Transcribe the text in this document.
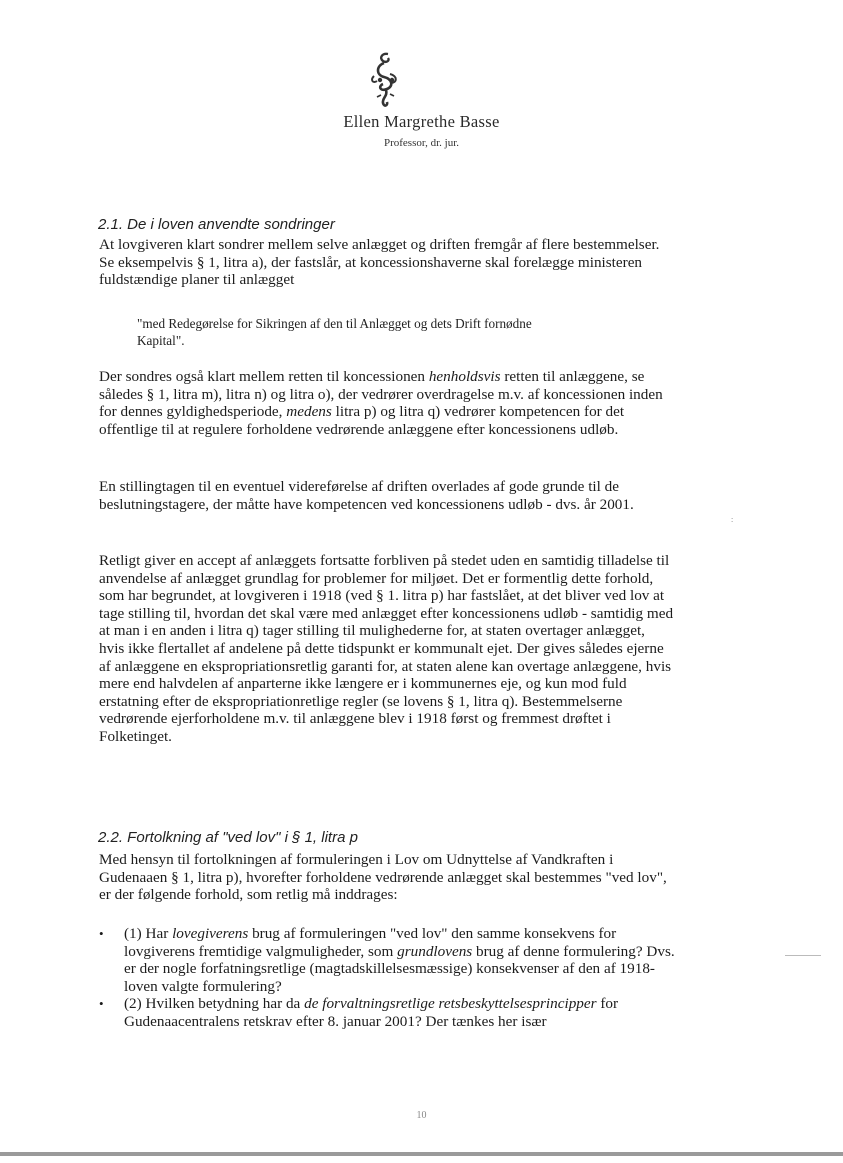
Ellen Margrethe Basse
Professor, dr. jur.
2.1. De i loven anvendte sondringer

At lovgiveren klart sondrer mellem selve anlægget og driften fremgår af flere bestemmelser. Se eksempelvis § 1, litra a), der fastslår, at koncessionshaverne skal forelægge ministeren fuldstændige planer til anlægget

"med Redegørelse for Sikringen af den til Anlægget og dets Drift fornødne Kapital".

Der sondres også klart mellem retten til koncessionen henholdsvis retten til anlæggene, se således § 1, litra m), litra n) og litra o), der vedrører overdragelse m.v. af koncessionen inden for dennes gyldighedsperiode, medens litra p) og litra q) vedrører kompetencen for det offentlige til at regulere forholdene vedrørende anlæggene efter koncessionens udløb.

En stillingtagen til en eventuel videreførelse af driften overlades af gode grunde til de beslutningstagere, der måtte have kompetencen ved koncessionens udløb - dvs. år 2001.

Retligt giver en accept af anlæggets fortsatte forbliven på stedet uden en samtidig tilladelse til anvendelse af anlægget grundlag for problemer for miljøet. Det er formentlig dette forhold, som har begrundet, at lovgiveren i 1918 (ved § 1. litra p) har fastslået, at det bliver ved lov at tage stilling til, hvordan det skal være med anlægget efter koncessionens udløb - samtidig med at man i en anden i litra q) tager stilling til mulighederne for, at staten overtager anlægget, hvis ikke flertallet af andelene på dette tidspunkt er kommunalt ejet. Der gives således ejerne af anlæggene en ekspropriationsretlig garanti for, at staten alene kan overtage anlæggene, hvis mere end halvdelen af anparterne ikke længere er i kommunernes eje, og kun mod fuld erstatning efter de ekspropriationretlige regler (se lovens § 1, litra q). Bestemmelserne vedrørende ejerforholdene m.v. til anlæggene blev i 1918 først og fremmest drøftet i Folketinget.

2.2. Fortolkning af "ved lov" i § 1, litra p

Med hensyn til fortolkningen af formuleringen i Lov om Udnyttelse af Vandkraften i Gudenaaen § 1, litra p), hvorefter forholdene vedrørende anlægget skal bestemmes "ved lov", er der følgende forhold, som retlig må inddrages:

• (1) Har lovegiverens brug af formuleringen "ved lov" den samme konsekvens for lovgiverens fremtidige valgmuligheder, som grundlovens brug af denne formulering? Dvs. er der nogle forfatningsretlige (magtadskillelsesmæssige) konsekvenser af den af 1918-loven valgte formulering?
• (2) Hvilken betydning har da de forvaltningsretlige retsbeskyttelsesprincipper for Gudenaacentralens retskrav efter 8. januar 2001? Der tænkes her især
:
10
